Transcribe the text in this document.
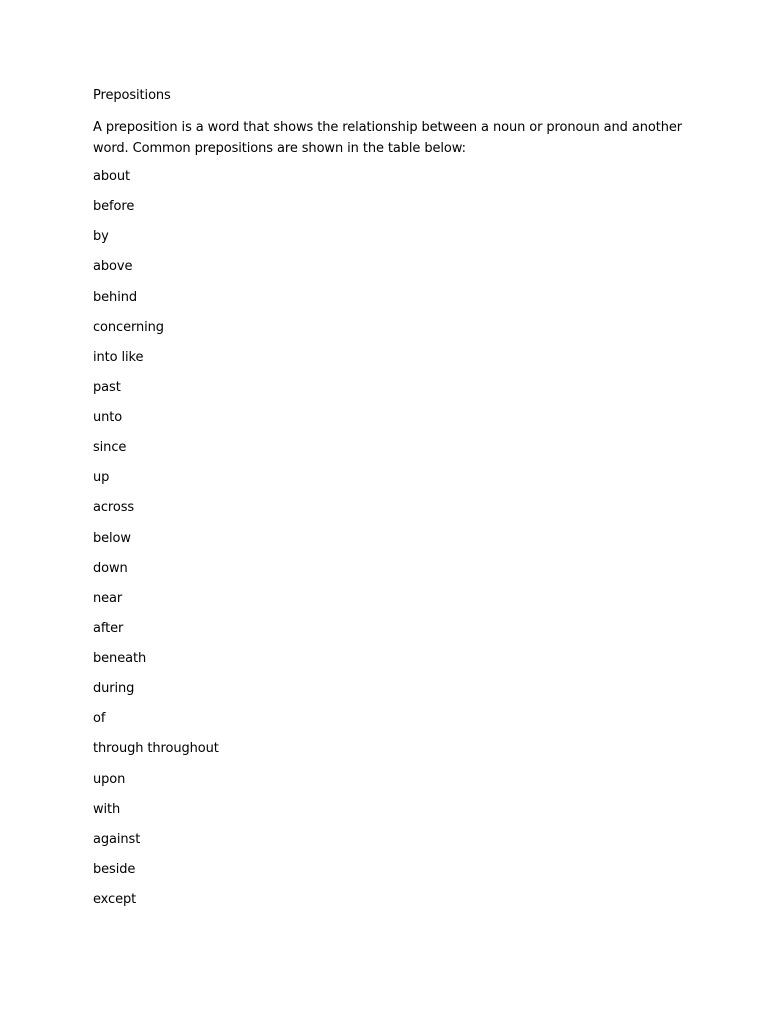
Prepositions

A preposition is a word that shows the relationship between a noun or pronoun and another word. Common prepositions are shown in the table below:

about
before
by
above
behind
concerning
into like
past
unto
since
up
across
below
down
near
after
beneath
during
of
through throughout
upon
with
against
beside
except
